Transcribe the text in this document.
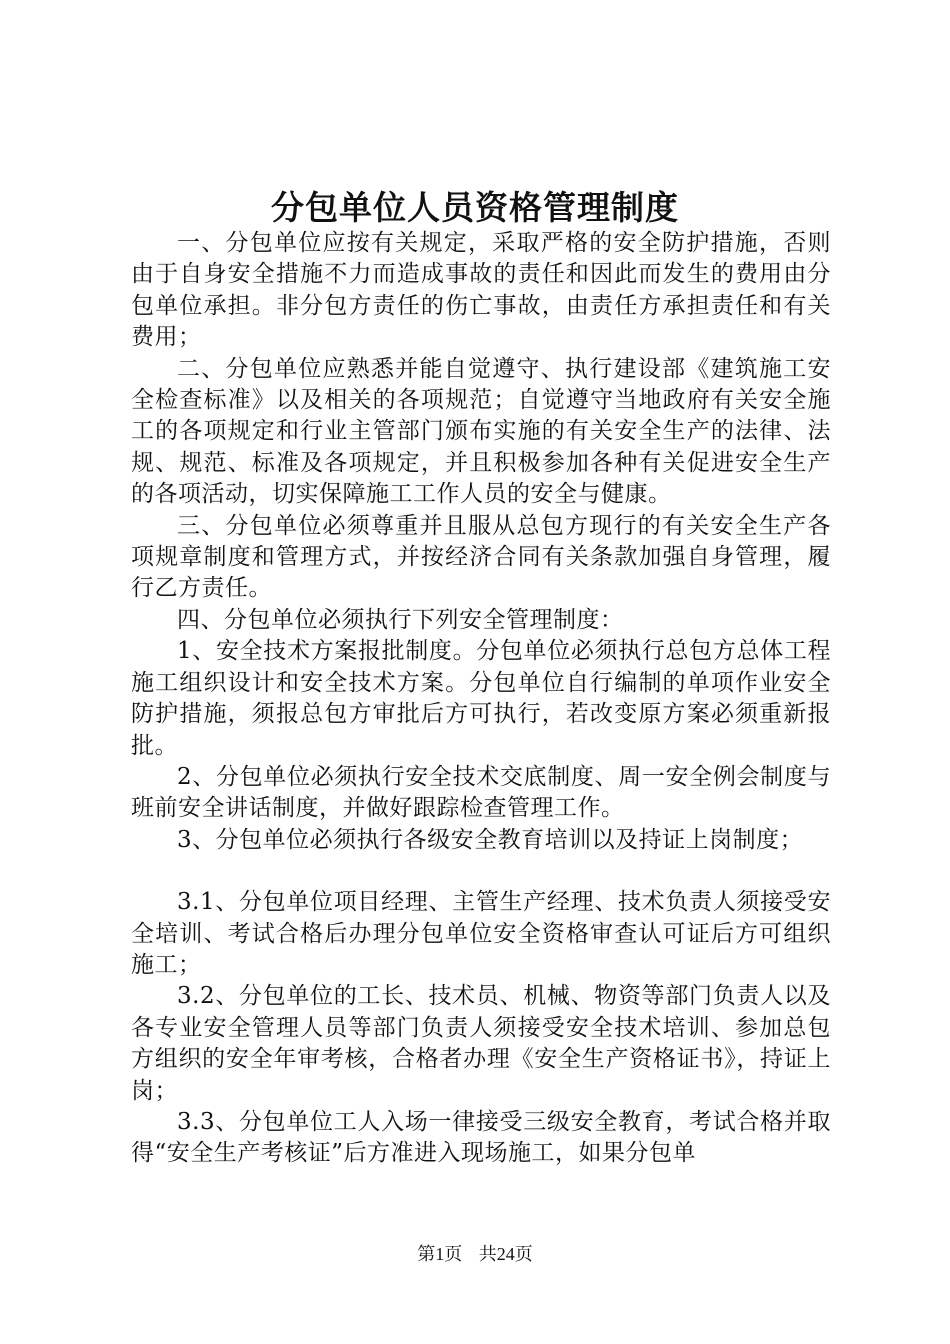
分包单位人员资格管理制度

一、分包单位应按有关规定，采取严格的安全防护措施，否则由于自身安全措施不力而造成事故的责任和因此而发生的费用由分包单位承担。非分包方责任的伤亡事故，由责任方承担责任和有关费用；

二、分包单位应熟悉并能自觉遵守、执行建设部《建筑施工安全检查标准》以及相关的各项规范；自觉遵守当地政府有关安全施工的各项规定和行业主管部门颁布实施的有关安全生产的法律、法规、规范、标准及各项规定，并且积极参加各种有关促进安全生产的各项活动，切实保障施工工作人员的安全与健康。

三、分包单位必须尊重并且服从总包方现行的有关安全生产各项规章制度和管理方式，并按经济合同有关条款加强自身管理，履行乙方责任。

四、分包单位必须执行下列安全管理制度：

1、安全技术方案报批制度。分包单位必须执行总包方总体工程施工组织设计和安全技术方案。分包单位自行编制的单项作业安全防护措施，须报总包方审批后方可执行，若改变原方案必须重新报批。

2、分包单位必须执行安全技术交底制度、周一安全例会制度与班前安全讲话制度，并做好跟踪检查管理工作。

3、分包单位必须执行各级安全教育培训以及持证上岗制度；

3.1、分包单位项目经理、主管生产经理、技术负责人须接受安全培训、考试合格后办理分包单位安全资格审查认可证后方可组织施工；

3.2、分包单位的工长、技术员、机械、物资等部门负责人以及各专业安全管理人员等部门负责人须接受安全技术培训、参加总包方组织的安全年审考核，合格者办理《安全生产资格证书》，持证上岗；

3.3、分包单位工人入场一律接受三级安全教育，考试合格并取得“安全生产考核证”后方准进入现场施工，如果分包单

第1页 共24页
